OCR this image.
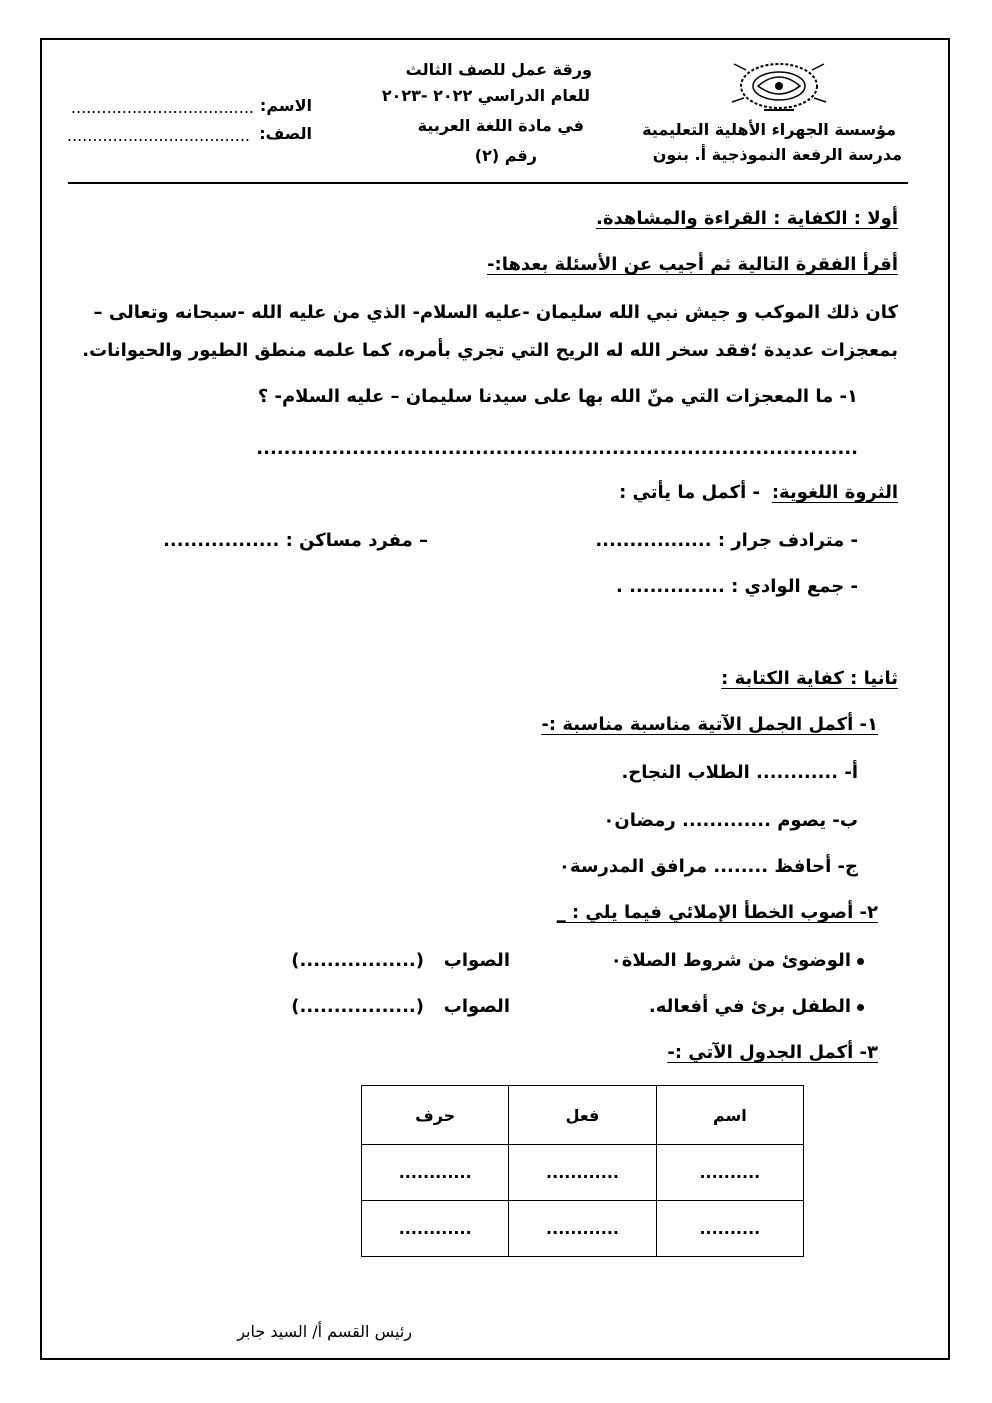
مؤسسة الجهراء الأهلية التعليمية
مدرسة الرفعة النموذجية أ. بنون
ورقة عمل للصف الثالث
للعام الدراسي ٢٠٢٢ -٢٠٢٣
في مادة اللغة العربية
رقم (٢)
الاسم:
....................................
الصف:
....................................
أولا : الكفاية : القراءة والمشاهدة.
أقرأ الفقرة التالية ثم أجيب عن الأسئلة بعدها:-
كان ذلك الموكب و جيش نبي الله سليمان -عليه السلام- الذي من عليه الله -سبحانه وتعالى –
بمعجزات عديدة ؛فقد سخر الله له الريح التي تجري بأمره، كما علمه منطق الطيور والحيوانات.
١- ما المعجزات التي منّ الله بها على سيدنا سليمان – عليه السلام- ؟
........................................................................................
الثروة اللغوية:
- أكمل ما يأتي :
- مترادف جرار : .................
– مفرد مساكن : .................
- جمع الوادي : .............. .
ثانيا : كفاية الكتابة :
١- أكمل الجمل الآتية مناسبة مناسبة :-
أ- ............ الطلاب النجاح.
ب- يصوم ............. رمضان٠
ج- أحافظ ........ مرافق المدرسة٠
٢- أصوب الخطأ الإملائي فيما يلي : _
الوضوئ من شروط الصلاة٠
الصواب
(.................)
الطفل برئ في أفعاله.
الصواب
(.................)
٣- أكمل الجدول الآتي :-
اسم	فعل	حرف
..........	............	............
..........	............	............
رئيس القسم أ/ السيد جابر
